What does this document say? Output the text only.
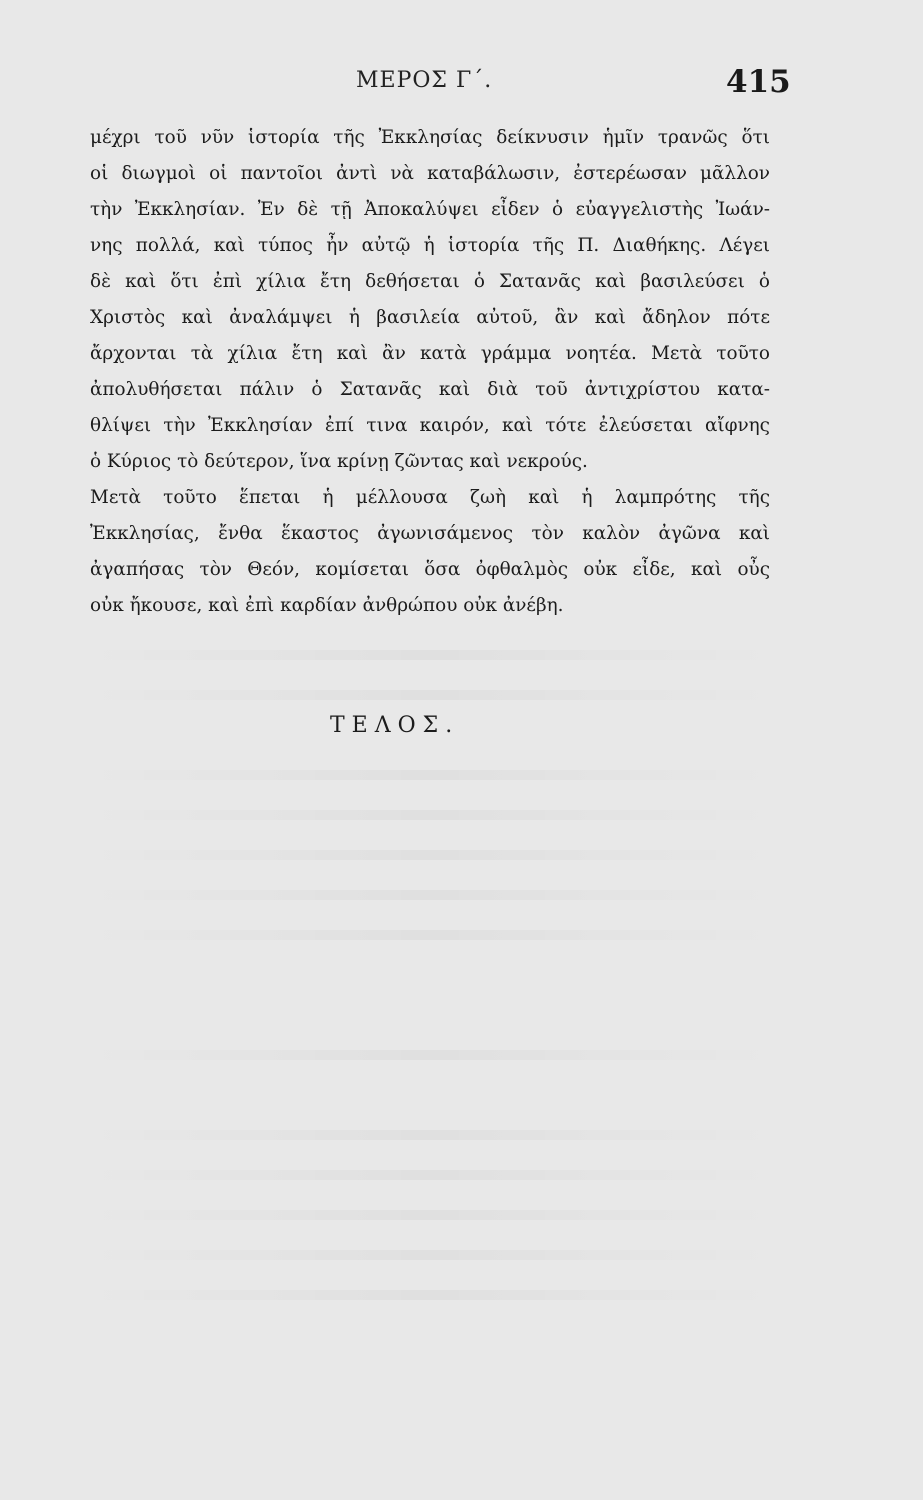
ΜΕΡΟΣ Γ΄.	415
μέχρι τοῦ νῦν ἱστορία τῆς Ἐκκλησίας δείκνυσιν ἡμῖν τρανῶς ὅτι
οἱ διωγμοὶ οἱ παντοῖοι ἀντὶ νὰ καταβάλωσιν, ἐστερέωσαν μᾶλλον
τὴν Ἐκκλησίαν. Ἐν δὲ τῇ Ἀποκαλύψει εἶδεν ὁ εὐαγγελιστὴς Ἰωάν-
νης πολλά, καὶ τύπος ἦν αὐτῷ ἡ ἱστορία τῆς Π. Διαθήκης. Λέγει
δὲ καὶ ὅτι ἐπὶ χίλια ἔτη δεθήσεται ὁ Σατανᾶς καὶ βασιλεύσει ὁ
Χριστὸς καὶ ἀναλάμψει ἡ βασιλεία αὐτοῦ, ἂν καὶ ἄδηλον πότε
ἄρχονται τὰ χίλια ἔτη καὶ ἂν κατὰ γράμμα νοητέα. Μετὰ τοῦτο
ἀπολυθήσεται πάλιν ὁ Σατανᾶς καὶ διὰ τοῦ ἀντιχρίστου κατα-
θλίψει τὴν Ἐκκλησίαν ἐπί τινα καιρόν, καὶ τότε ἐλεύσεται αἴφνης
ὁ Κύριος τὸ δεύτερον, ἵνα κρίνῃ ζῶντας καὶ νεκρούς.
Μετὰ τοῦτο ἕπεται ἡ μέλλουσα ζωὴ καὶ ἡ λαμπρότης τῆς
Ἐκκλησίας, ἔνθα ἕκαστος ἀγωνισάμενος τὸν καλὸν ἀγῶνα καὶ
ἀγαπήσας τὸν Θεόν, κομίσεται ὅσα ὀφθαλμὸς οὐκ εἶδε, καὶ οὖς
οὐκ ἤκουσε, καὶ ἐπὶ καρδίαν ἀνθρώπου οὐκ ἀνέβη.
ΤΕΛΟΣ.
